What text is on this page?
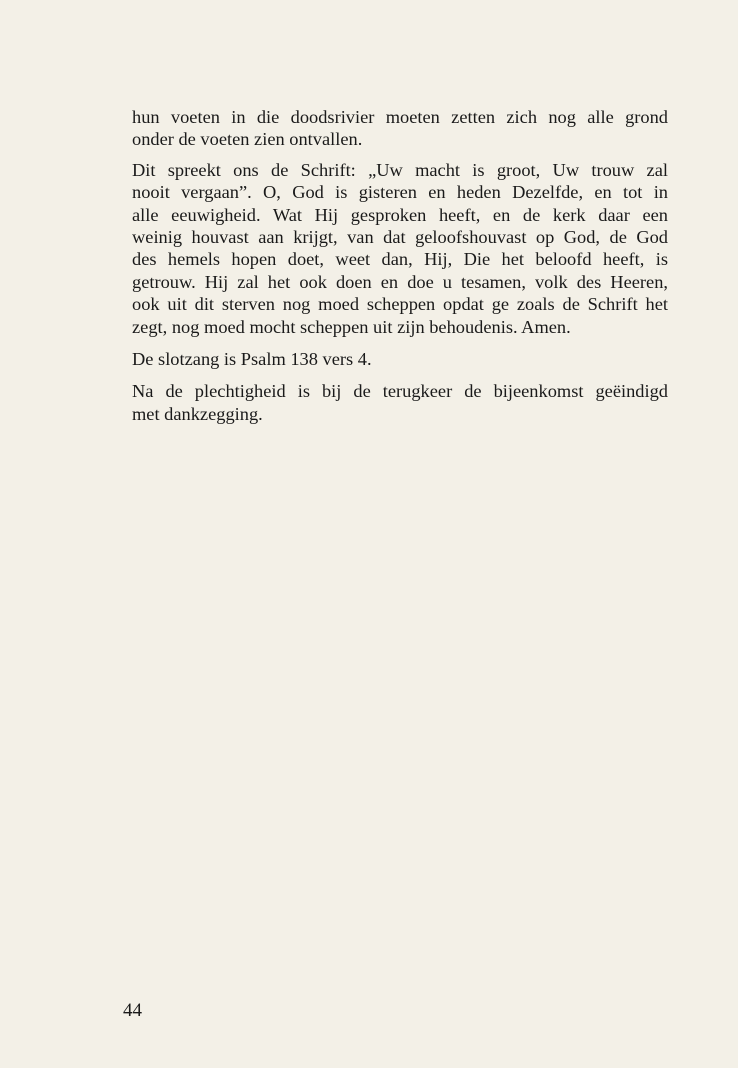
hun voeten in die doodsrivier moeten zetten zich nog alle grond
onder de voeten zien ontvallen.

Dit spreekt ons de Schrift: „Uw macht is groot, Uw trouw zal
nooit vergaan”. O, God is gisteren en heden Dezelfde, en tot in
alle eeuwigheid. Wat Hij gesproken heeft, en de kerk daar een
weinig houvast aan krijgt, van dat geloofshouvast op God, de God
des hemels hopen doet, weet dan, Hij, Die het beloofd heeft, is
getrouw. Hij zal het ook doen en doe u tesamen, volk des Heeren,
ook uit dit sterven nog moed scheppen opdat ge zoals de Schrift het
zegt, nog moed mocht scheppen uit zijn behoudenis. Amen.

De slotzang is Psalm 138 vers 4.

Na de plechtigheid is bij de terugkeer de bijeenkomst geëindigd
met dankzegging.

44
